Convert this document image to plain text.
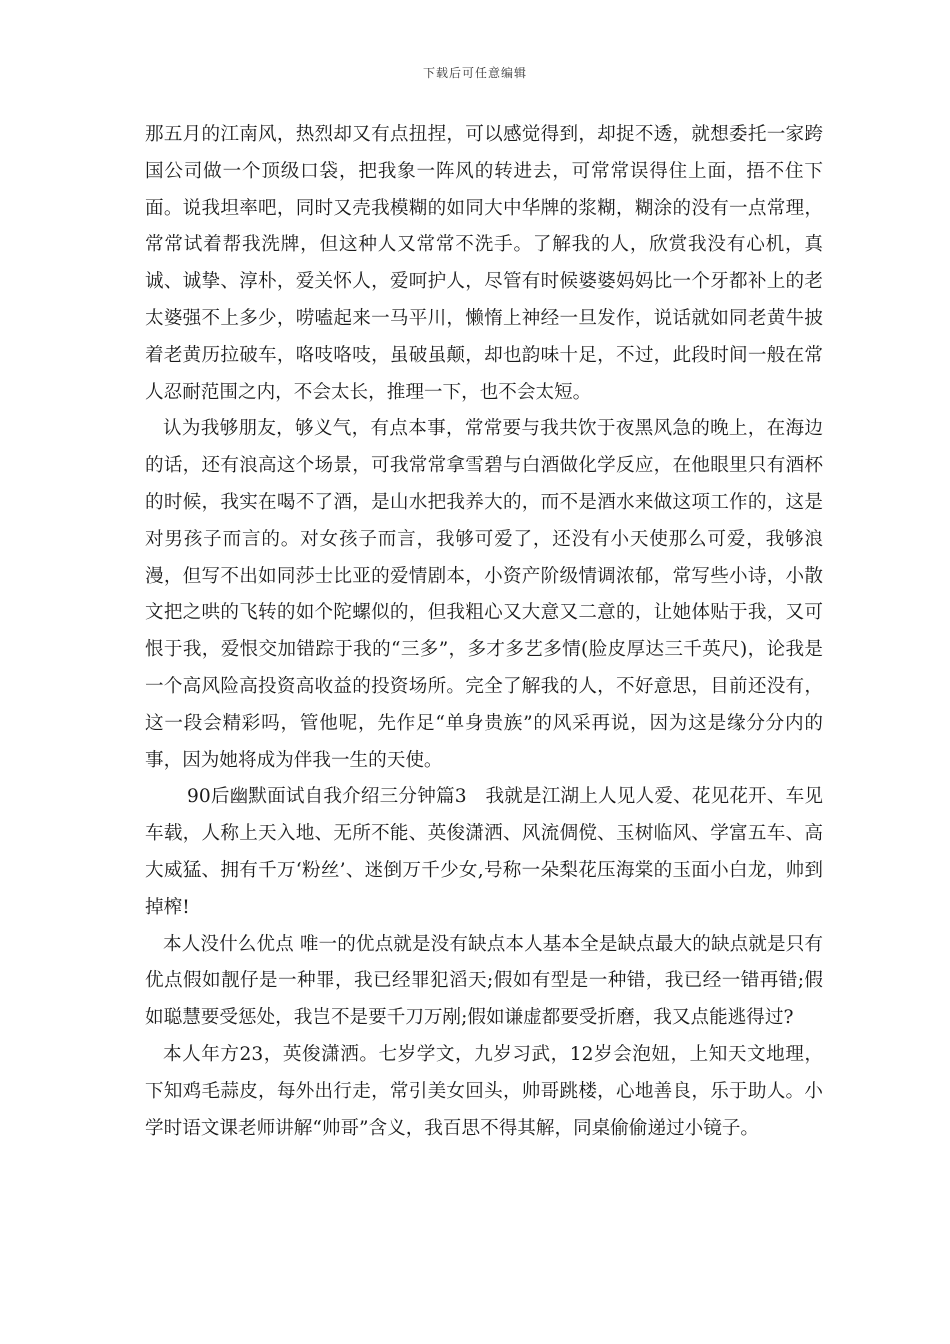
下载后可任意编辑

那五月的江南风，热烈却又有点扭捏，可以感觉得到，却捉不透，就想委托一家跨国公司做一个顶级口袋，把我象一阵风的转进去，可常常误得住上面，捂不住下面。说我坦率吧，同时又壳我模糊的如同大中华牌的浆糊，糊涂的没有一点常理，常常试着帮我洗牌，但这种人又常常不洗手。了解我的人，欣赏我没有心机，真诚、诚挚、淳朴，爱关怀人，爱呵护人，尽管有时候婆婆妈妈比一个牙都补上的老太婆强不上多少，唠嗑起来一马平川，懒惰上神经一旦发作，说话就如同老黄牛披着老黄历拉破车，咯吱咯吱，虽破虽颠，却也韵味十足，不过，此段时间一般在常人忍耐范围之内，不会太长，推理一下，也不会太短。

认为我够朋友，够义气，有点本事，常常要与我共饮于夜黑风急的晚上，在海边的话，还有浪高这个场景，可我常常拿雪碧与白酒做化学反应，在他眼里只有酒杯的时候，我实在喝不了酒，是山水把我养大的，而不是酒水来做这项工作的，这是对男孩子而言的。对女孩子而言，我够可爱了，还没有小天使那么可爱，我够浪漫，但写不出如同莎士比亚的爱情剧本，小资产阶级情调浓郁，常写些小诗，小散文把之哄的飞转的如个陀螺似的，但我粗心又大意又二意的，让她体贴于我，又可恨于我，爱恨交加错踪于我的“三多”，多才多艺多情(脸皮厚达三千英尺)，论我是一个高风险高投资高收益的投资场所。完全了解我的人，不好意思，目前还没有，这一段会精彩吗，管他呢，先作足“单身贵族”的风采再说，因为这是缘分分内的事，因为她将成为伴我一生的天使。

90后幽默面试自我介绍三分钟篇3　我就是江湖上人见人爱、花见花开、车见车载，人称上天入地、无所不能、英俊潇洒、风流倜傥、玉树临风、学富五车、高大威猛、拥有千万‘粉丝’、迷倒万千少女,号称一朵梨花压海棠的玉面小白龙，帅到掉榨!

本人没什么优点 唯一的优点就是没有缺点本人基本全是缺点最大的缺点就是只有优点假如靓仔是一种罪，我已经罪犯滔天;假如有型是一种错，我已经一错再错;假如聪慧要受惩处，我岂不是要千刀万剐;假如谦虚都要受折磨，我又点能逃得过?

本人年方23，英俊潇洒。七岁学文，九岁习武，12岁会泡妞，上知天文地理，下知鸡毛蒜皮，每外出行走，常引美女回头，帅哥跳楼，心地善良，乐于助人。小学时语文课老师讲解“帅哥”含义，我百思不得其解，同桌偷偷递过小镜子。
